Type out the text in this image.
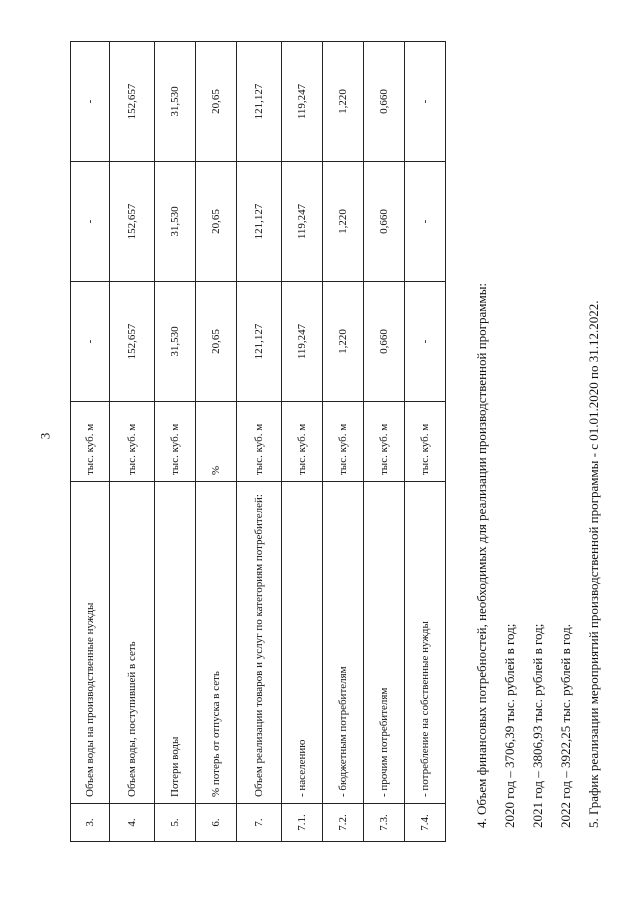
3
3.	Объем воды на производственные нужды	тыс. куб. м	-	-	-
4.	Объем воды, поступившей в сеть	тыс. куб. м	152,657	152,657	152,657
5.	Потери воды	тыс. куб. м	31,530	31,530	31,530
6.	% потерь от отпуска в сеть	%	20,65	20,65	20,65
7.	Объем реализации товаров и услуг по категориям потребителей:	тыс. куб. м	121,127	121,127	121,127
7.1.	- населению	тыс. куб. м	119,247	119,247	119,247
7.2.	- бюджетным потребителям	тыс. куб. м	1,220	1,220	1,220
7.3.	- прочим потребителям	тыс. куб. м	0,660	0,660	0,660
7.4.	- потребление на собственные нужды	тыс. куб. м	-	-	-
4. Объем финансовых потребностей, необходимых для реализации производственной программы: 2020 год – 3706,39 тыс. рублей в год; 2021 год – 3806,93 тыс. рублей в год; 2022 год – 3922,25 тыс. рублей в год. 5. График реализации мероприятий производственной программы - с 01.01.2020 по 31.12.2022.
